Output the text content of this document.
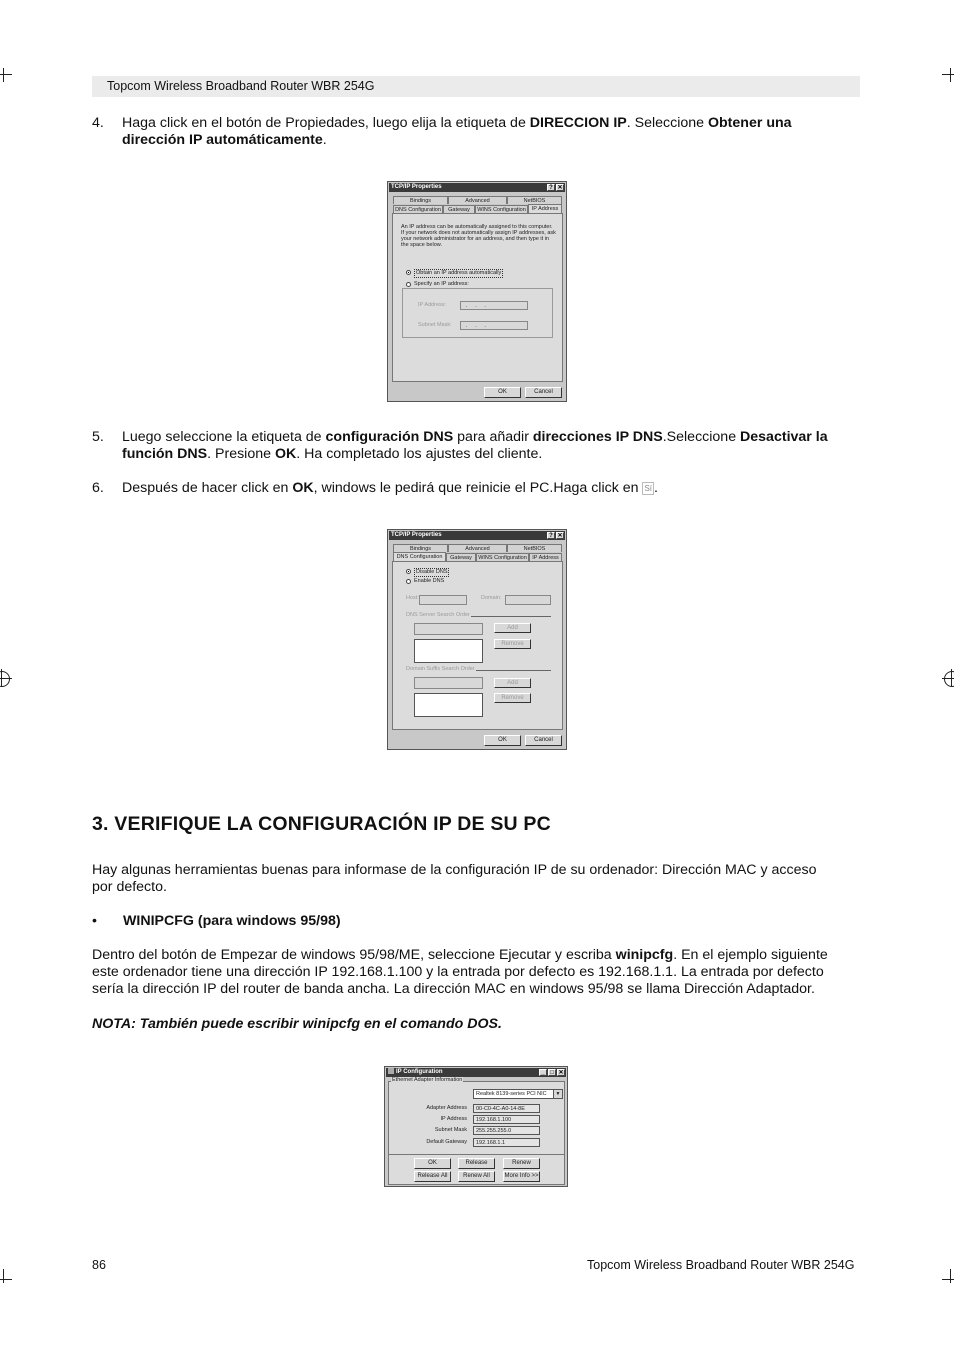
Topcom Wireless Broadband Router WBR 254G
4. Haga click en el botón de Propiedades, luego elija la etiqueta de DIRECCION IP. Seleccione Obtener una
dirección IP automáticamente.
TCP/IP Properties	? ✕
Bindings	Advanced	NetBIOS
DNS Configuration	Gateway	WINS Configuration	IP Address
An IP address can be automatically assigned to this computer.
If your network does not automatically assign IP addresses, ask
your network administrator for an address, and then type it in
the space below.
Obtain an IP address automatically
Specify an IP address:
IP Address:	.     .     .
Subnet Mask:	.     .     .
OK	Cancel
5. Luego seleccione la etiqueta de configuración DNS para añadir direcciones IP DNS.Seleccione Desactivar la
función DNS. Presione OK. Ha completado los ajustes del cliente.
6. Después de hacer click en OK, windows le pedirá que reinicie el PC.Haga click en Sí .
TCP/IP Properties	? ✕
Bindings	Advanced	NetBIOS
DNS Configuration	Gateway	WINS Configuration IP Address
Disable DNS
Enable DNS
Host:	Domain:
DNS Server Search Order
Add
Remove
Domain Suffix Search Order
Add
Remove
OK	Cancel
3. VERIFIQUE LA CONFIGURACIÓN IP DE SU PC
Hay algunas herramientas buenas para informase de la configuración IP de su ordenador: Dirección MAC y acceso
por defecto.
• WINIPCFG (para windows 95/98)
Dentro del botón de Empezar de windows 95/98/ME, seleccione Ejecutar y escriba winipcfg. En el ejemplo siguiente
este ordenador tiene una dirección IP 192.168.1.100 y la entrada por defecto es 192.168.1.1. La entrada por defecto
sería la dirección IP del router de banda ancha. La dirección MAC en windows 95/98 se llama Dirección Adaptador.
NOTA: También puede escribir winipcfg en el comando DOS.
IP Configuration	_ □ ✕
Ethernet Adapter Information
Realtek 8139-series PCI NIC	▼
Adapter Address	00-C0-4C-A0-14-8E
IP Address	192.168.1.100
Subnet Mask	255.255.255.0
Default Gateway	192.168.1.1
OK	Release	Renew
Release All	Renew All	More Info >>
86	Topcom Wireless Broadband Router WBR 254G
